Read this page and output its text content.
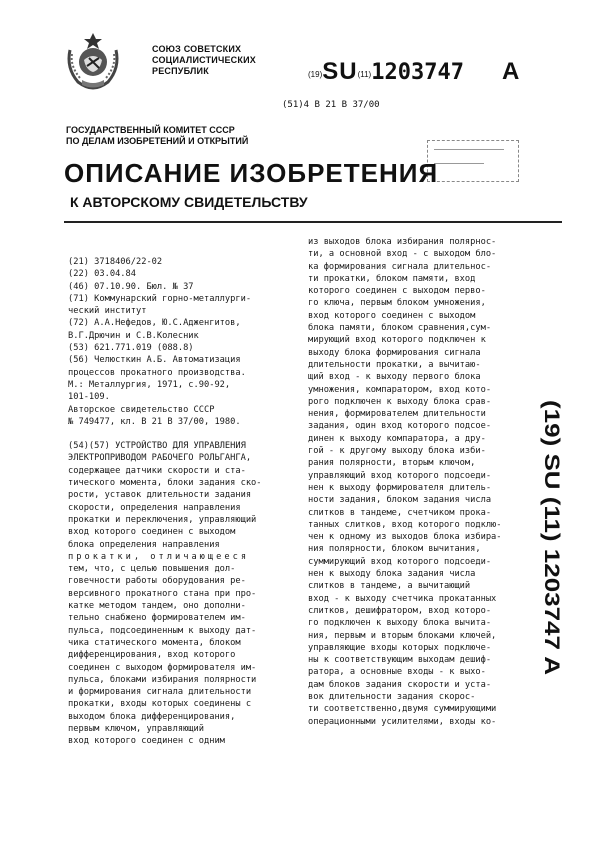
СОЮЗ СОВЕТСКИХ
СОЦИАЛИСТИЧЕСКИХ
РЕСПУБЛИК	(19)SU(11)1203747 A
(51)4 В 21 В 37/00
ГОСУДАРСТВЕННЫЙ КОМИТЕТ СССР
ПО ДЕЛАМ ИЗОБРЕТЕНИЙ И ОТКРЫТИЙ
ОПИСАНИЕ ИЗОБРЕТЕНИЯ
К АВТОРСКОМУ СВИДЕТЕЛЬСТВУ
(21) 3718406/22-02
(22) 03.04.84
(46) 07.10.90. Бюл. № 37
(71) Коммунарский горно-металлурги-
ческий институт
(72) А.А.Нефедов, Ю.С.Адженгитов,
В.Г.Дрючин и С.В.Колесник
(53) 621.771.019 (088.8)
(56) Челюсткин А.Б. Автоматизация
процессов прокатного производства.
М.: Металлургия, 1971, с.90-92,
101-109.
Авторское свидетельство СССР
№ 749477, кл. В 21 В 37/00, 1980.
(54)(57) УСТРОЙСТВО ДЛЯ УПРАВЛЕНИЯ
ЭЛЕКТРОПРИВОДОМ РАБОЧЕГО РОЛЬГАНГА,
содержащее датчики скорости и ста-
тического момента, блоки задания ско-
рости, уставок длительности задания
скорости, определения направления
прокатки и переключения, управляющий
вход которого соединен с выходом
блока определения направления
прокатки, отличающееся
тем, что, с целью повышения дол-
говечности работы оборудования ре-
версивного прокатного стана при про-
катке методом тандем, оно дополни-
тельно снабжено формирователем им-
пульса, подсоединенным к выходу дат-
чика статического момента, блоком
дифференцирования, вход которого
соединен с выходом формирователя им-
пульса, блоками избирания полярности
и формирования сигнала длительности
прокатки, входы которых соединены с
выходом блока дифференцирования,
первым ключом, управляющий
вход которого соединен с одним
из выходов блока избирания полярнос-
ти, а основной вход - с выходом бло-
ка формирования сигнала длительнос-
ти прокатки, блоком памяти, вход
которого соединен с выходом перво-
го ключа, первым блоком умножения,
вход которого соединен с выходом
блока памяти, блоком сравнения,сум-
мирующий вход которого подключен к
выходу блока формирования сигнала
длительности прокатки, а вычитаю-
щий вход - к выходу первого блока
умножения, компаратором, вход кото-
рого подключен к выходу блока срав-
нения, формирователем длительности
задания, один вход которого подсое-
динен к выходу компаратора, а дру-
гой - к другому выходу блока изби-
рания полярности, вторым ключом,
управляющий вход которого подсоеди-
нен к выходу формирователя длитель-
ности задания, блоком задания числа
слитков в тандеме, счетчиком прока-
танных слитков, вход которого подклю-
чен к одному из выходов блока избира-
ния полярности, блоком вычитания,
суммирующий вход которого подсоеди-
нен к выходу блока задания числа
слитков в тандеме, а вычитающий
вход - к выходу счетчика прокатанных
слитков, дешифратором, вход которо-
го подключен к выходу блока вычита-
ния, первым и вторым блоками ключей,
управляющие входы которых подключе-
ны к соответствующим выходам дешиф-
ратора, а основные входы - к выхо-
дам блоков задания скорости и уста-
вок длительности задания скорос-
ти соответственно,двумя суммирующими
операционными усилителями, входы ко-
(19) SU (11) 1203747 A
